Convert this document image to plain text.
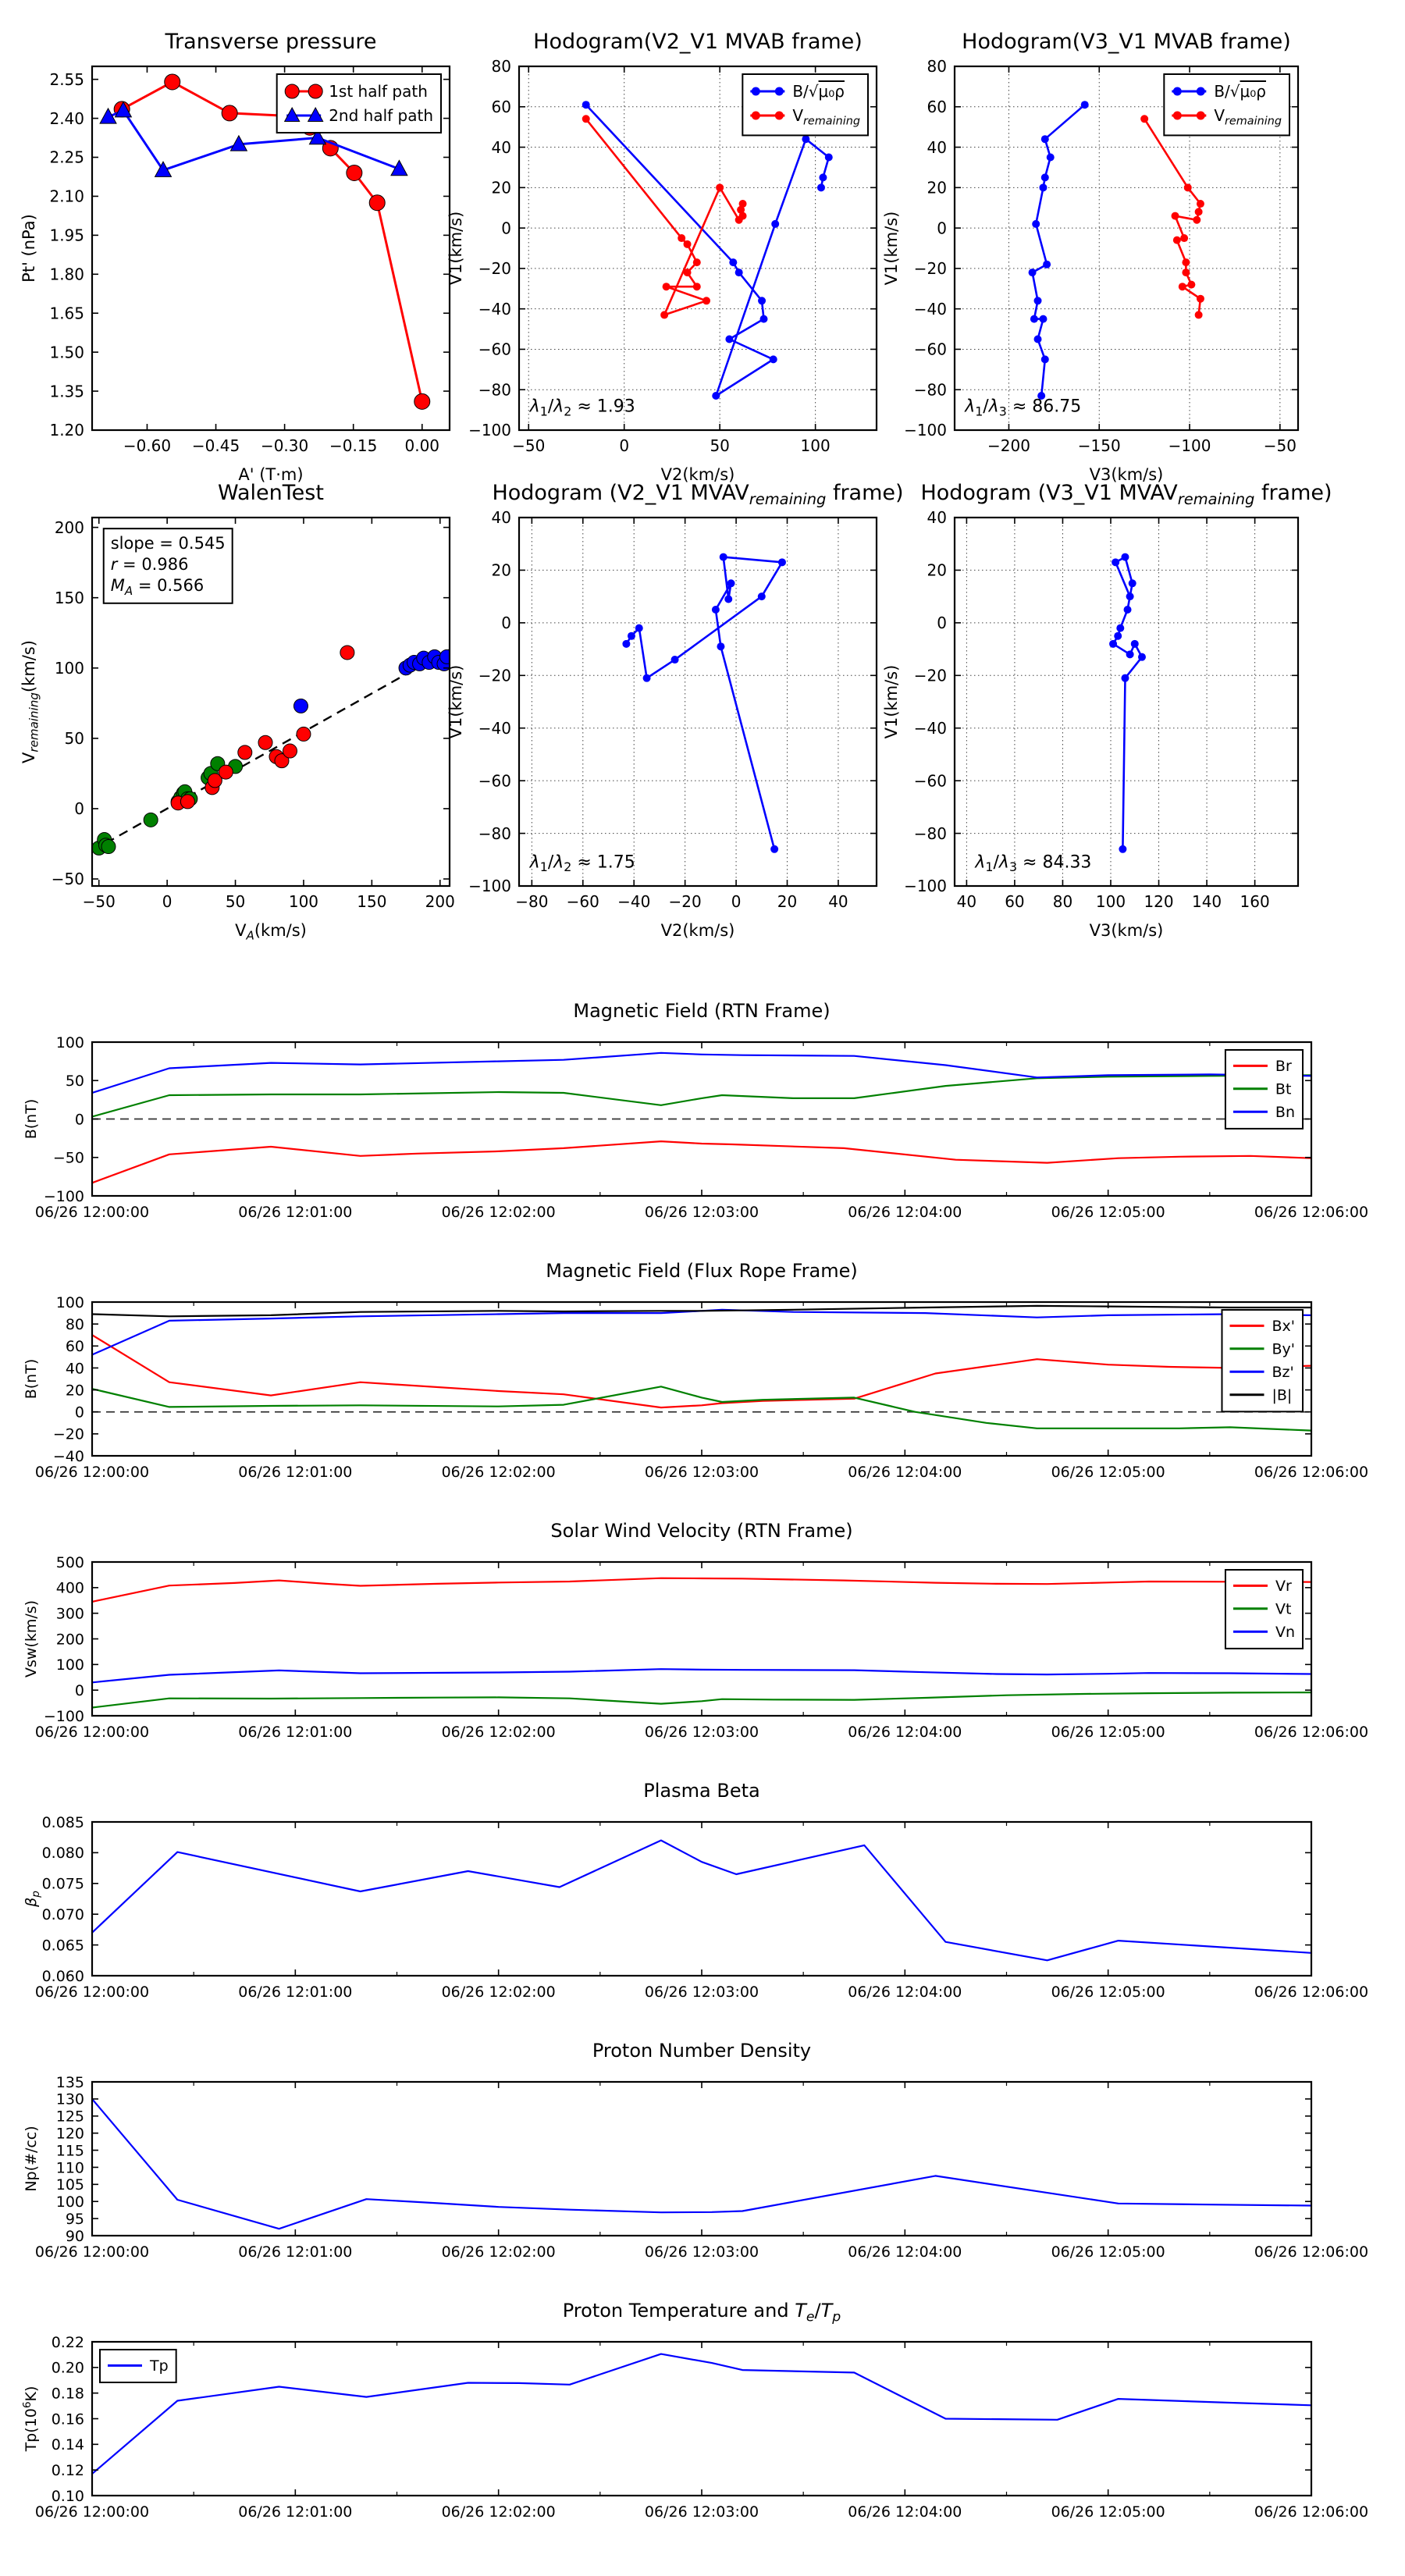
−0.60 −0.45 −0.30 −0.15 0.00
1.20
1.35
1.50
1.65
1.80
1.95
2.10
2.25
2.40
2.55
Transverse pressure
A' (T·m)
Pt' (nPa)
1st half path
2nd half path
−50	0	50	100
−100
−80
−60
−40
−20
0
20
40
60
80
Hodogram(V2_V1 MVAB frame)
V2(km/s)
V1(km/s)
$\lambda_1/\lambda_2 \approx 1.93$
B/√μ₀ρ
$V_{remaining}$
−200	−150	−100	−50
−100
−80
−60
−40
−20
0
20
40
60
80
Hodogram(V3_V1 MVAB frame)
V3(km/s)
V1(km/s)
$\lambda_1/\lambda_3 \approx 86.75$
B/√μ₀ρ
$V_{remaining}$
−50	0	50	100 150 200
−50
0
50
100
150
200
WalenTest
$V_A(km/s)$
$V_{remaining}(km/s)$
slope = 0.545
r = 0.986
$M_A = 0.566$
−80 −60 −40 −20 0 20 40
−100
−80
−60
−40
−20
0
20
40
Hodogram (V2_V1 $MVAV_{remaining}$ frame)
V2(km/s)
V1(km/s)
$\lambda_1/\lambda_2 \approx 1.75$
40 60 80 100 120 140 160
−100
−80
−60
−40
−20
0
20
40
Hodogram (V3_V1 $MVAV_{remaining}$ frame)
V3(km/s)
V1(km/s)
$\lambda_1/\lambda_3 \approx 84.33$
06/26 12:00:00	06/26 12:01:00	06/26 12:02:00	06/26 12:03:00	06/26 12:04:00	06/26 12:05:00	06/26 12:06:00
−100
−50
0
50
100
Magnetic Field (RTN Frame)
B(nT)
Br
Bt
Bn
06/26 12:00:00	06/26 12:01:00	06/26 12:02:00	06/26 12:03:00	06/26 12:04:00	06/26 12:05:00	06/26 12:06:00
−40
−20
0
20
40
60
80
100
Magnetic Field (Flux Rope Frame)
B(nT)
Bx'
By'
Bz'
|B|
06/26 12:00:00	06/26 12:01:00	06/26 12:02:00	06/26 12:03:00	06/26 12:04:00	06/26 12:05:00	06/26 12:06:00
−100
0
100
200
300
400
500
Solar Wind Velocity (RTN Frame)
Vsw(km/s)
Vr
Vt
Vn
06/26 12:00:00	06/26 12:01:00	06/26 12:02:00	06/26 12:03:00	06/26 12:04:00	06/26 12:05:00	06/26 12:06:00
0.060
0.065
0.070
0.075
0.080
0.085
Plasma Beta
$\beta_p$
06/26 12:00:00	06/26 12:01:00	06/26 12:02:00	06/26 12:03:00	06/26 12:04:00	06/26 12:05:00	06/26 12:06:00
90
95
100
105
110
115
120
125
130
135
Proton Number Density
Np(#/cc)
06/26 12:00:00	06/26 12:01:00	06/26 12:02:00	06/26 12:03:00	06/26 12:04:00	06/26 12:05:00	06/26 12:06:00
0.10
0.12
0.14
0.16
0.18
0.20
0.22
Proton Temperature and $T_e/T_p$
$Tp(10^6K)$
Tp
